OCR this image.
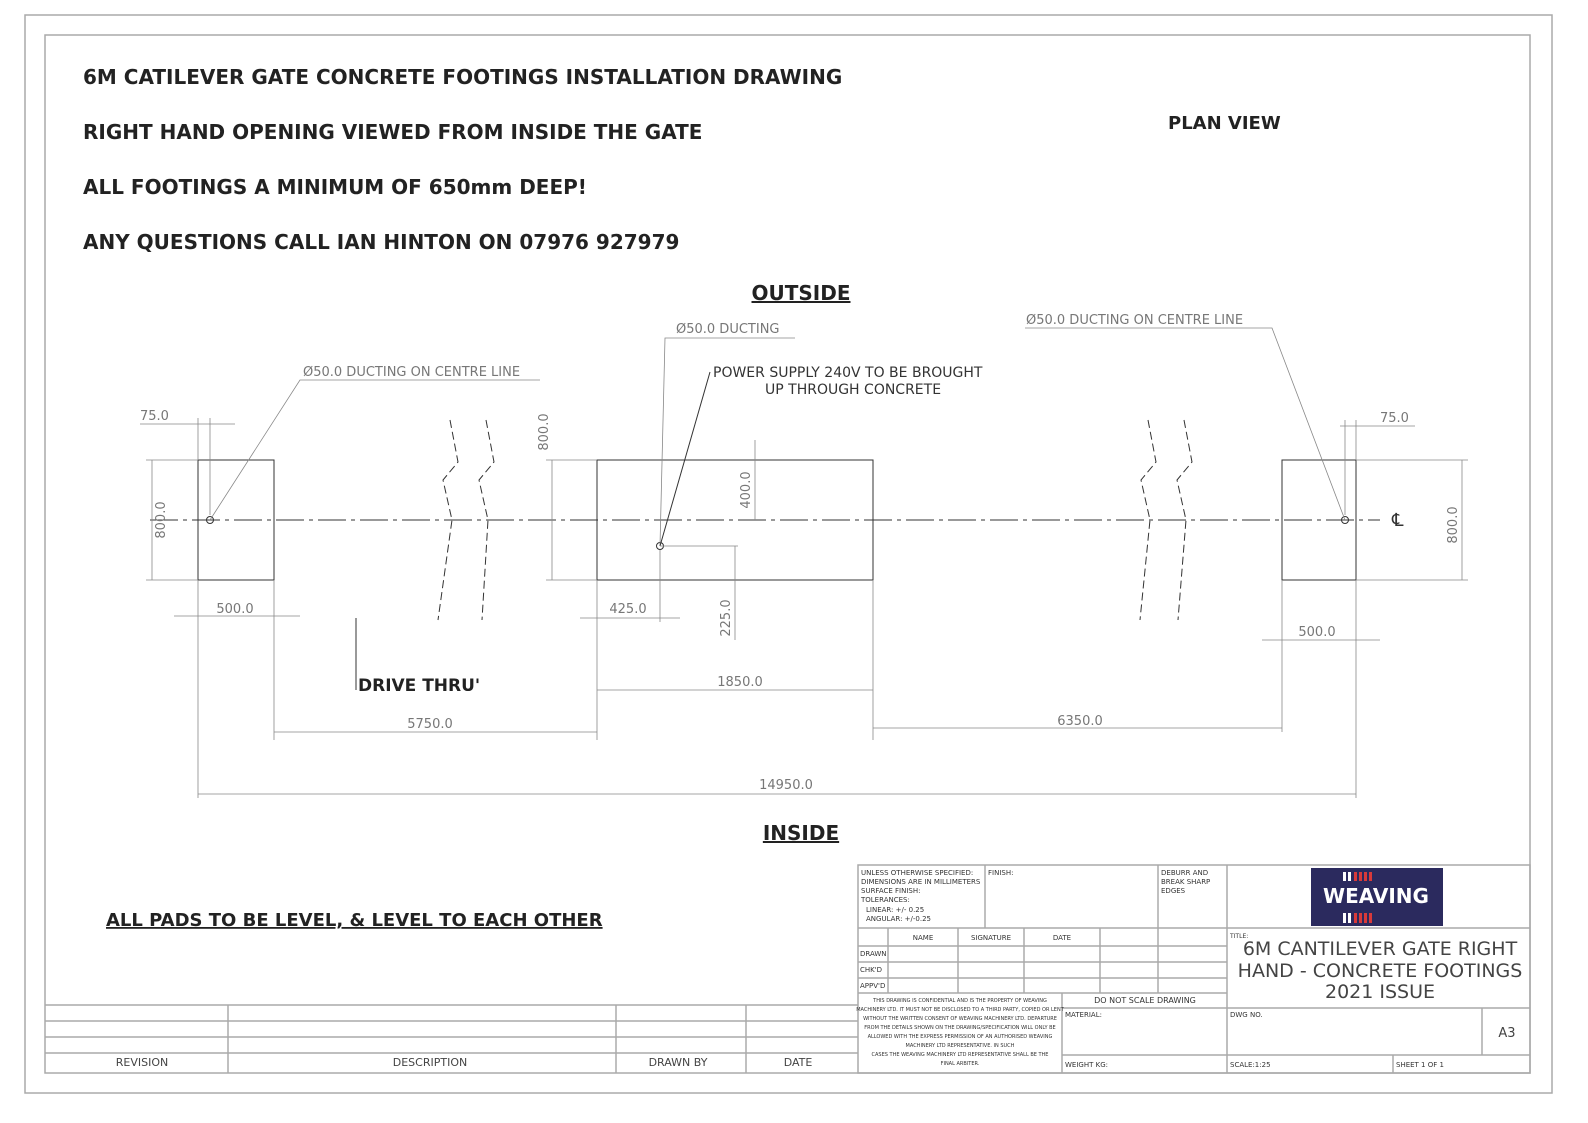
6M CATILEVER GATE CONCRETE FOOTINGS INSTALLATION DRAWING
RIGHT HAND OPENING VIEWED FROM INSIDE THE GATE
ALL FOOTINGS A MINIMUM OF 650mm DEEP!
ANY QUESTIONS CALL IAN HINTON ON 07976 927979
PLAN VIEW
OUTSIDE
INSIDE
ALL PADS TO BE LEVEL, & LEVEL TO EACH OTHER
DRIVE THRU'
℄
Ø50.0 DUCTING ON CENTRE LINE
Ø50.0 DUCTING
POWER SUPPLY 240V TO BE BROUGHT
UP THROUGH CONCRETE
Ø50.0 DUCTING ON CENTRE LINE
75.0
800.0
500.0
800.0
400.0
425.0	225.0
1850.0
5750.0	6350.0
14950.0
75.0
800.0
500.0
REVISION	DESCRIPTION	DRAWN BY	DATE
UNLESS OTHERWISE SPECIFIED:
DIMENSIONS ARE IN MILLIMETERS
SURFACE FINISH:
TOLERANCES:
LINEAR: +/- 0.25
ANGULAR: +/-0.25
FINISH:	DEBURR AND
BREAK SHARP
EDGES
NAME	SIGNATURE	DATE
DRAWN
CHK'D
APPV'D
THIS DRAWING IS CONFIDENTIAL AND IS THE PROPERTY OF WEAVING
MACHINERY LTD. IT MUST NOT BE DISCLOSED TO A THIRD PARTY, COPIED OR LENT
WITHOUT THE WRITTEN CONSENT OF WEAVING MACHINERY LTD. DEPARTURE
FROM THE DETAILS SHOWN ON THE DRAWING/SPECIFICATION WILL ONLY BE
ALLOWED WITH THE EXPRESS PERMISSION OF AN AUTHORISED WEAVING
MACHINERY LTD REPRESENTATIVE. IN SUCH
CASES THE WEAVING MACHINERY LTD REPRESENTATIVE SHALL BE THE
FINAL ARBITER.
DO NOT SCALE DRAWING
MATERIAL:
WEIGHT KG:
TITLE:
DWG NO.
SCALE:1:25	SHEET 1 OF 1
WEAVING
6M CANTILEVER GATE RIGHT
HAND - CONCRETE FOOTINGS
2021 ISSUE
A3
